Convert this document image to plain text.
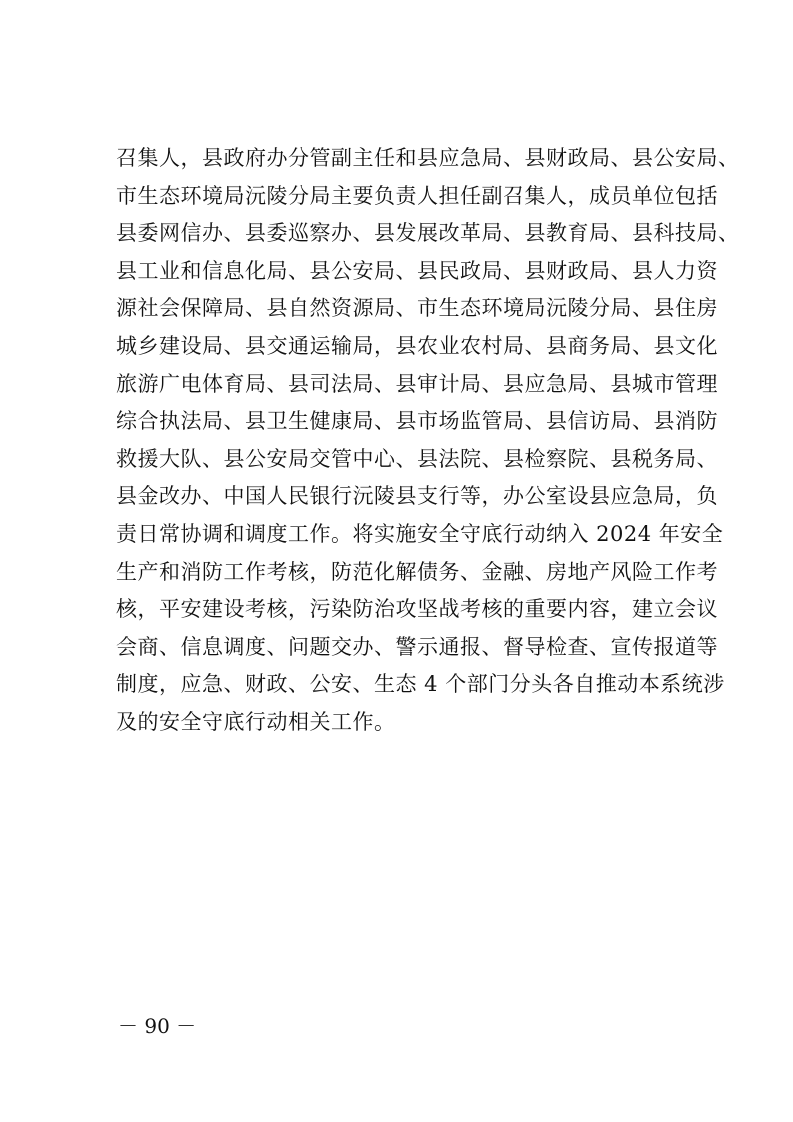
召集人，县政府办分管副主任和县应急局、县财政局、县公安局、
市生态环境局沅陵分局主要负责人担任副召集人，成员单位包括
县委网信办、县委巡察办、县发展改革局、县教育局、县科技局、
县工业和信息化局、县公安局、县民政局、县财政局、县人力资
源社会保障局、县自然资源局、市生态环境局沅陵分局、县住房
城乡建设局、县交通运输局，县农业农村局、县商务局、县文化
旅游广电体育局、县司法局、县审计局、县应急局、县城市管理
综合执法局、县卫生健康局、县市场监管局、县信访局、县消防
救援大队、县公安局交管中心、县法院、县检察院、县税务局、
县金改办、中国人民银行沅陵县支行等，办公室设县应急局，负
责日常协调和调度工作。将实施安全守底行动纳入 2024 年安全
生产和消防工作考核，防范化解债务、金融、房地产风险工作考
核，平安建设考核，污染防治攻坚战考核的重要内容，建立会议
会商、信息调度、问题交办、警示通报、督导检查、宣传报道等
制度，应急、财政、公安、生态 4 个部门分头各自推动本系统涉
及的安全守底行动相关工作。

－ 90 －
